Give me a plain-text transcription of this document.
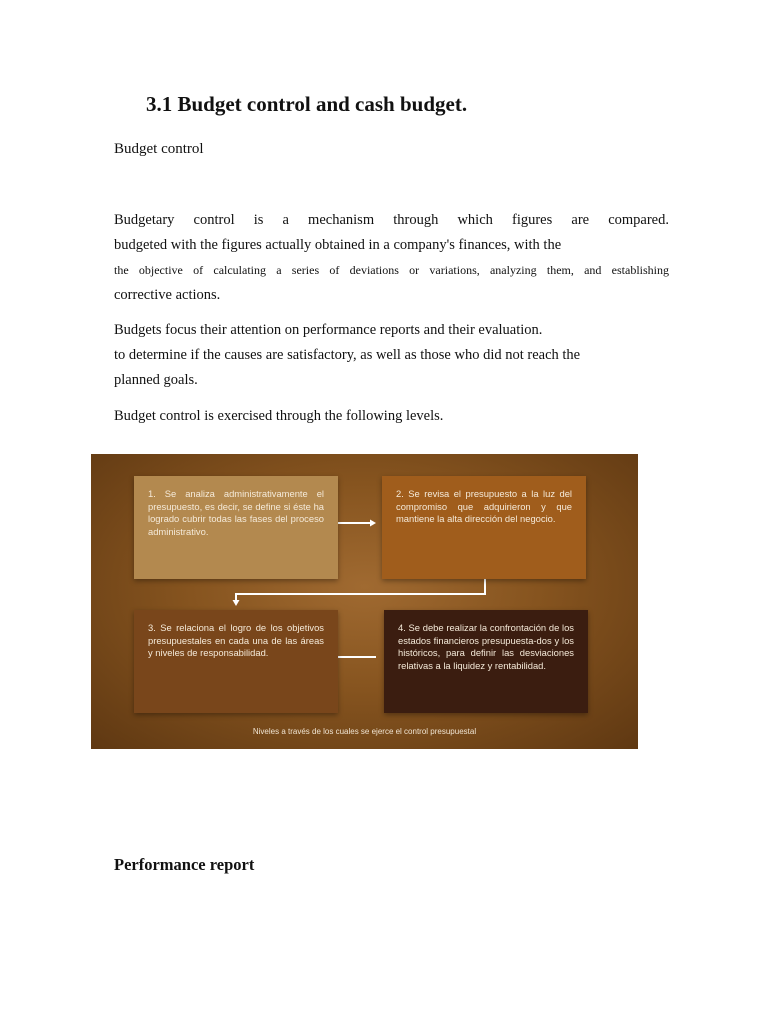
3.1 Budget control and cash budget.
Budget control
Budgetary control is a mechanism through which figures are compared.
budgeted with the figures actually obtained in a company's finances, with the
the objective of calculating a series of deviations or variations, analyzing them, and establishing
corrective actions.
Budgets focus their attention on performance reports and their evaluation.
to determine if the causes are satisfactory, as well as those who did not reach the
planned goals.
Budget control is exercised through the following levels.
1. Se analiza administrativamente el presupuesto, es decir, se define si éste ha logrado cubrir todas las fases del proceso administrativo.
2. Se revisa el presupuesto a la luz del compromiso que adquirieron y que mantiene la alta dirección del negocio.
3. Se relaciona el logro de los objetivos presupuestales en cada una de las áreas y niveles de responsabilidad.
4. Se debe realizar la confrontación de los estados financieros presupuesta-dos y los históricos, para definir las desviaciones relativas a la liquidez y rentabilidad.
Niveles a través de los cuales se ejerce el control presupuestal
Performance report
